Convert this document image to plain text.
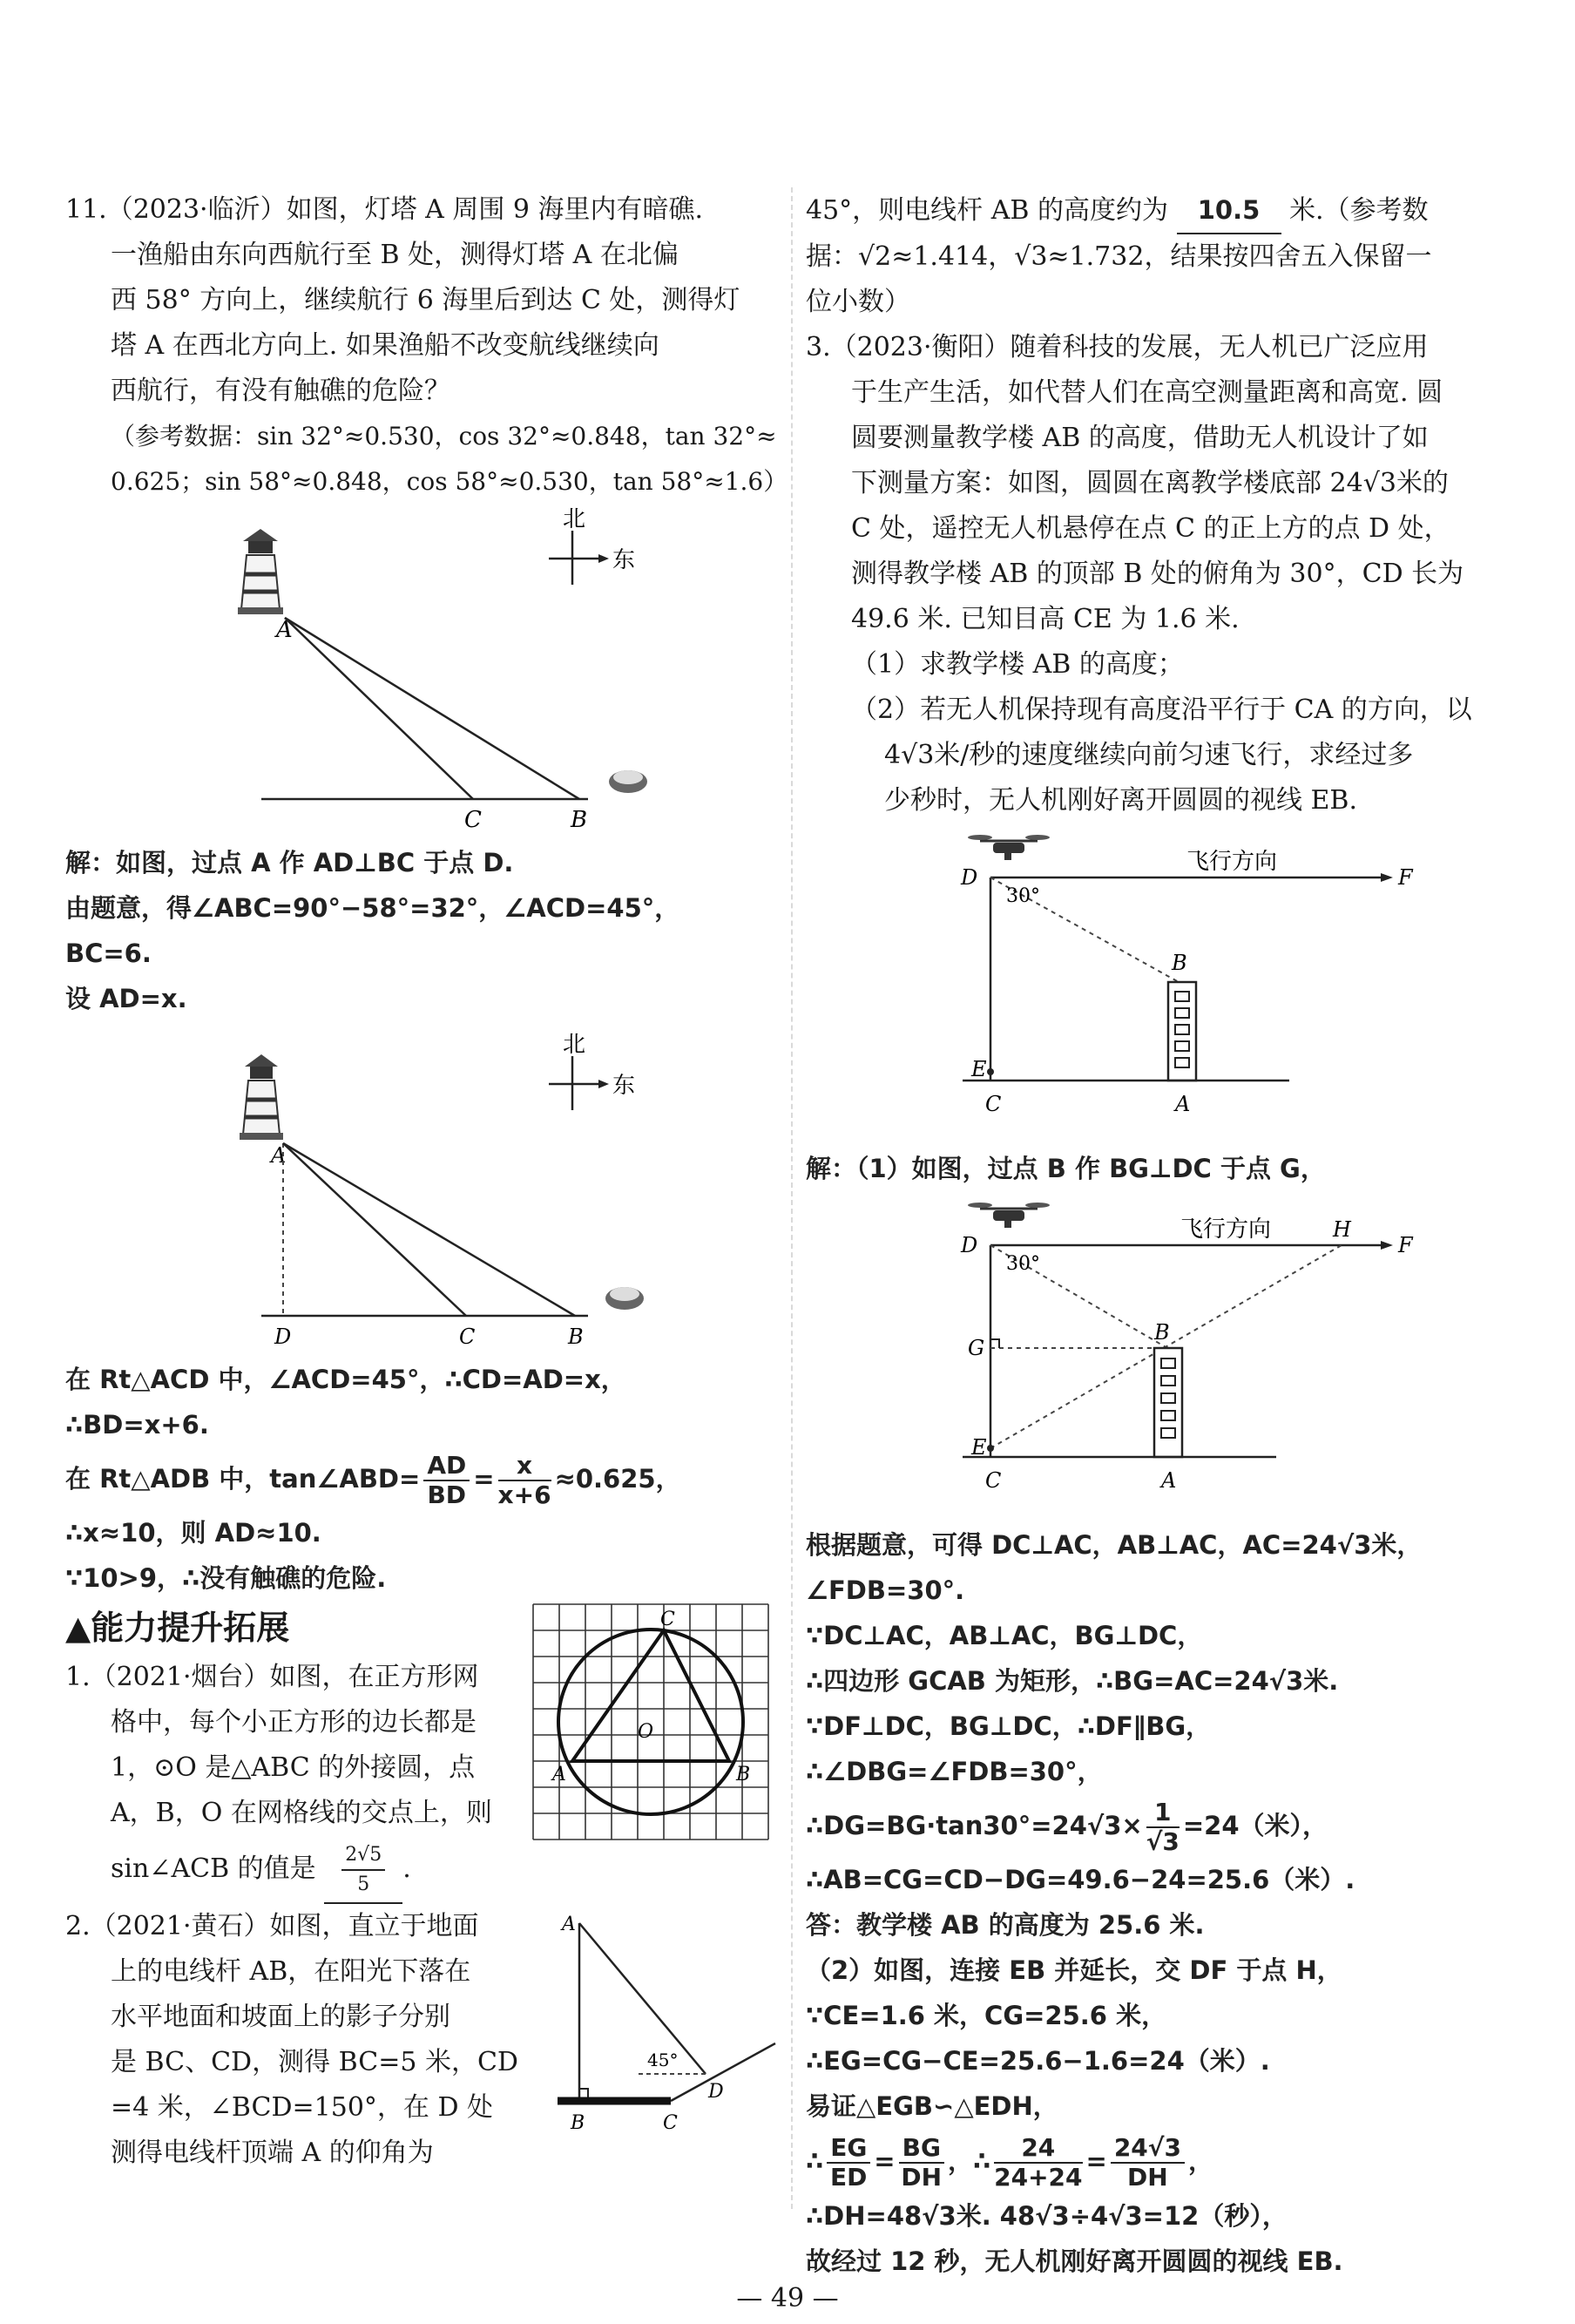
11.（2023·临沂）如图，灯塔 A 周围 9 海里内有暗礁.
一渔船由东向西航行至 B 处，测得灯塔 A 在北偏
西 58° 方向上，继续航行 6 海里后到达 C 处，测得灯
塔 A 在西北方向上. 如果渔船不改变航线继续向
西航行，有没有触礁的危险？
（参考数据：sin 32°≈0.530，cos 32°≈0.848，tan 32°≈
0.625；sin 58°≈0.848，cos 58°≈0.530，tan 58°≈1.6）
北
东
A
C	B
解：如图，过点 A 作 AD⊥BC 于点 D.
由题意，得∠ABC=90°−58°=32°，∠ACD=45°，
BC=6.
设 AD=x.
北
东
A
D	C	B
在 Rt△ACD 中，∠ACD=45°，∴CD=AD=x，
∴BD=x+6.
在 Rt△ADB 中，tan∠ABD= $\frac{AD}{BD} = \frac{x}{x+6} \approx 0.625$，
∴x≈10，则 AD≈10.
∵10>9，∴没有触礁的危险.
▲能力提升拓展
1.（2021·烟台）如图，在正方形网
格中，每个小正方形的边长都是
1，⊙O 是△ABC 的外接圆，点
A，B，O 在网格线的交点上，则
sin∠ACB 的值是 $\frac{2√5}{5}$ .
O
A	B
C
2.（2021·黄石）如图，直立于地面
上的电线杆 AB，在阳光下落在
水平地面和坡面上的影子分别
是 BC、CD，测得 BC=5 米，CD
=4 米，∠BCD=150°，在 D 处
测得电线杆顶端 A 的仰角为
A
45°
B	C
D
45°，则电线杆 AB 的高度约为 10.5 米.（参考数
据：√2≈1.414，√3≈1.732，结果按四舍五入保留一
位小数）
3.（2023·衡阳）随着科技的发展，无人机已广泛应用
于生产生活，如代替人们在高空测量距离和高宽. 圆
圆要测量教学楼 AB 的高度，借助无人机设计了如
下测量方案：如图，圆圆在离教学楼底部 24√3米的
C 处，遥控无人机悬停在点 C 的正上方的点 D 处，
测得教学楼 AB 的顶部 B 处的俯角为 30°，CD 长为
49.6 米. 已知目高 CE 为 1.6 米.
（1）求教学楼 AB 的高度；
（2）若无人机保持现有高度沿平行于 CA 的方向，以
4√3米/秒的速度继续向前匀速飞行，求经过多
少秒时，无人机刚好离开圆圆的视线 EB.
D
飞行方向
F
30°
B
E
C	A
解：（1）如图，过点 B 作 BG⊥DC 于点 G，
D
飞行方向	H
F
30°
G
B
E
C	A
根据题意，可得 DC⊥AC，AB⊥AC，AC=24√3米，
∠FDB=30°.
∵DC⊥AC，AB⊥AC，BG⊥DC，
∴四边形 GCAB 为矩形，∴BG=AC=24√3米.
∵DF⊥DC，BG⊥DC，∴DF∥BG，
∴∠DBG=∠FDB=30°，
∴DG=BG·tan30°=24√3× $\frac{1}{√3} =24$（米），
∴AB=CG=CD−DG=49.6−24=25.6（米）.
答：教学楼 AB 的高度为 25.6 米.
（2）如图，连接 EB 并延长，交 DF 于点 H，
∵CE=1.6 米，CG=25.6 米，
∴EG=CG−CE=25.6−1.6=24（米）.
易证△EGB∽△EDH，
∴ $\frac{EG}{ED} = \frac{BG}{DH}$ ，∴ $\frac{24}{24+24} = \frac{24√3}{DH}$ ，
∴DH=48√3米. 48√3÷4√3=12（秒），
故经过 12 秒，无人机刚好离开圆圆的视线 EB.
— 49 —
